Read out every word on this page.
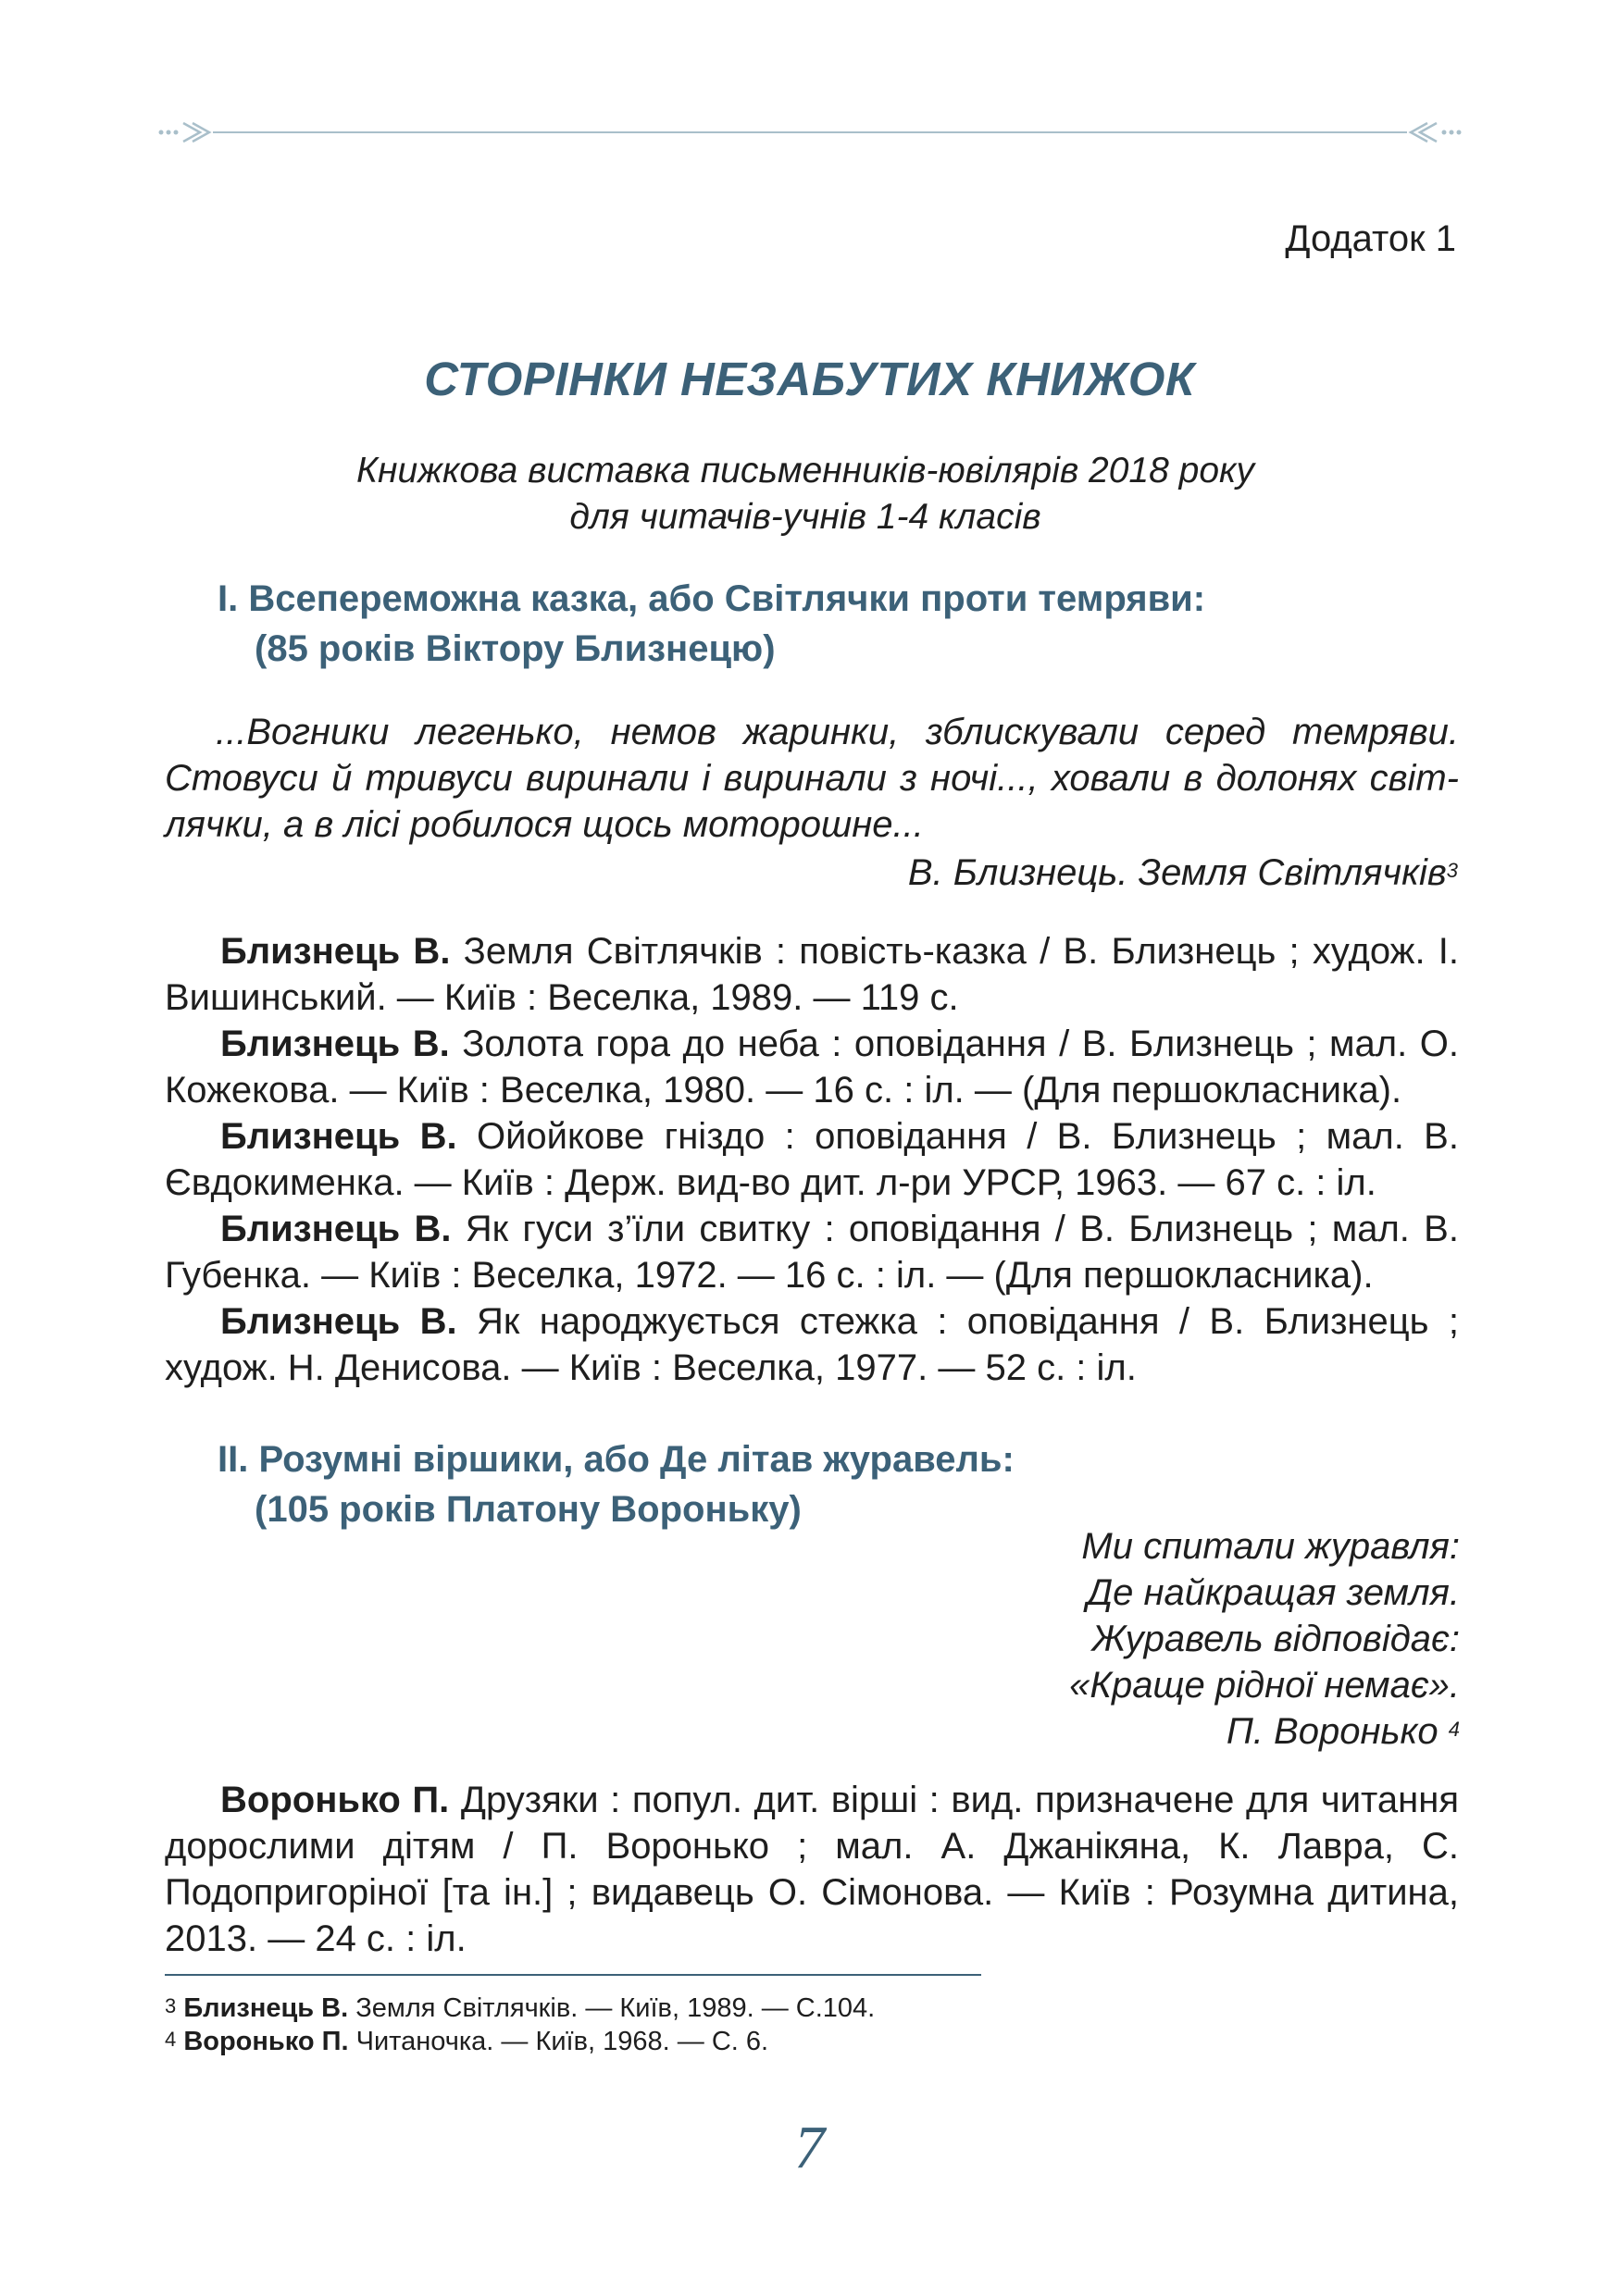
Додаток 1
СТОРІНКИ НЕЗАБУТИХ КНИЖОК
Книжкова виставка письменників-ювілярів 2018 року
для читачів-учнів 1-4 класів
І. Всепереможна казка, або Світлячки проти темряви:
(85 років Віктору Близнецю)
...Вогники легенько, немов жаринки, зблискували серед темряви.
Стовуси й тривуси виринали і виринали з ночі..., ховали в долонях світ-
лячки, а в лісі робилося щось моторошне...
В. Близнець. Земля Світлячків$^3$

Близнець В. Земля Світлячків : повість-казка / В. Близнець ; худож. І. Вишинський. — Київ : Веселка, 1989. — 119 с.

Близнець В. Золота гора до неба : оповідання / В. Близнець ; мал. О. Кожекова. — Київ : Веселка, 1980. — 16 с. : іл. — (Для першокласника).

Близнець В. Ойойкове гніздо : оповідання / В. Близнець ; мал. В. Євдокименка. — Київ : Держ. вид-во дит. л-ри УРСР, 1963. — 67 с. : іл.

Близнець В. Як гуси з’їли свитку : оповідання / В. Близнець ; мал. В. Губенка. — Київ : Веселка, 1972. — 16 с. : іл. — (Для першокласника).

Близнець В. Як народжується стежка : оповідання / В. Близнець ; худож. Н. Денисова. — Київ : Веселка, 1977. — 52 с. : іл.

ІІ. Розумні віршики, або Де літав журавель:
(105 років Платону Вороньку)
Ми спитали журавля:
Де найкращая земля.
Журавель відповідає:
«Краще рідної немає».
П. Воронько $^4$

Воронько П. Друзяки : попул. дит. вірші : вид. призначене для читання дорослими дітям / П. Воронько ; мал. А. Джанікяна, К. Лавра, С. Подопригоріної [та ін.] ; видавець О. Сімонова. — Київ : Розумна дитина, 2013. — 24 с. : іл.

$^3$ Близнець В. Земля Світлячків. — Київ, 1989. — С.104.
$^4$ Воронько П. Читаночка. — Київ, 1968. — С. 6.
7
